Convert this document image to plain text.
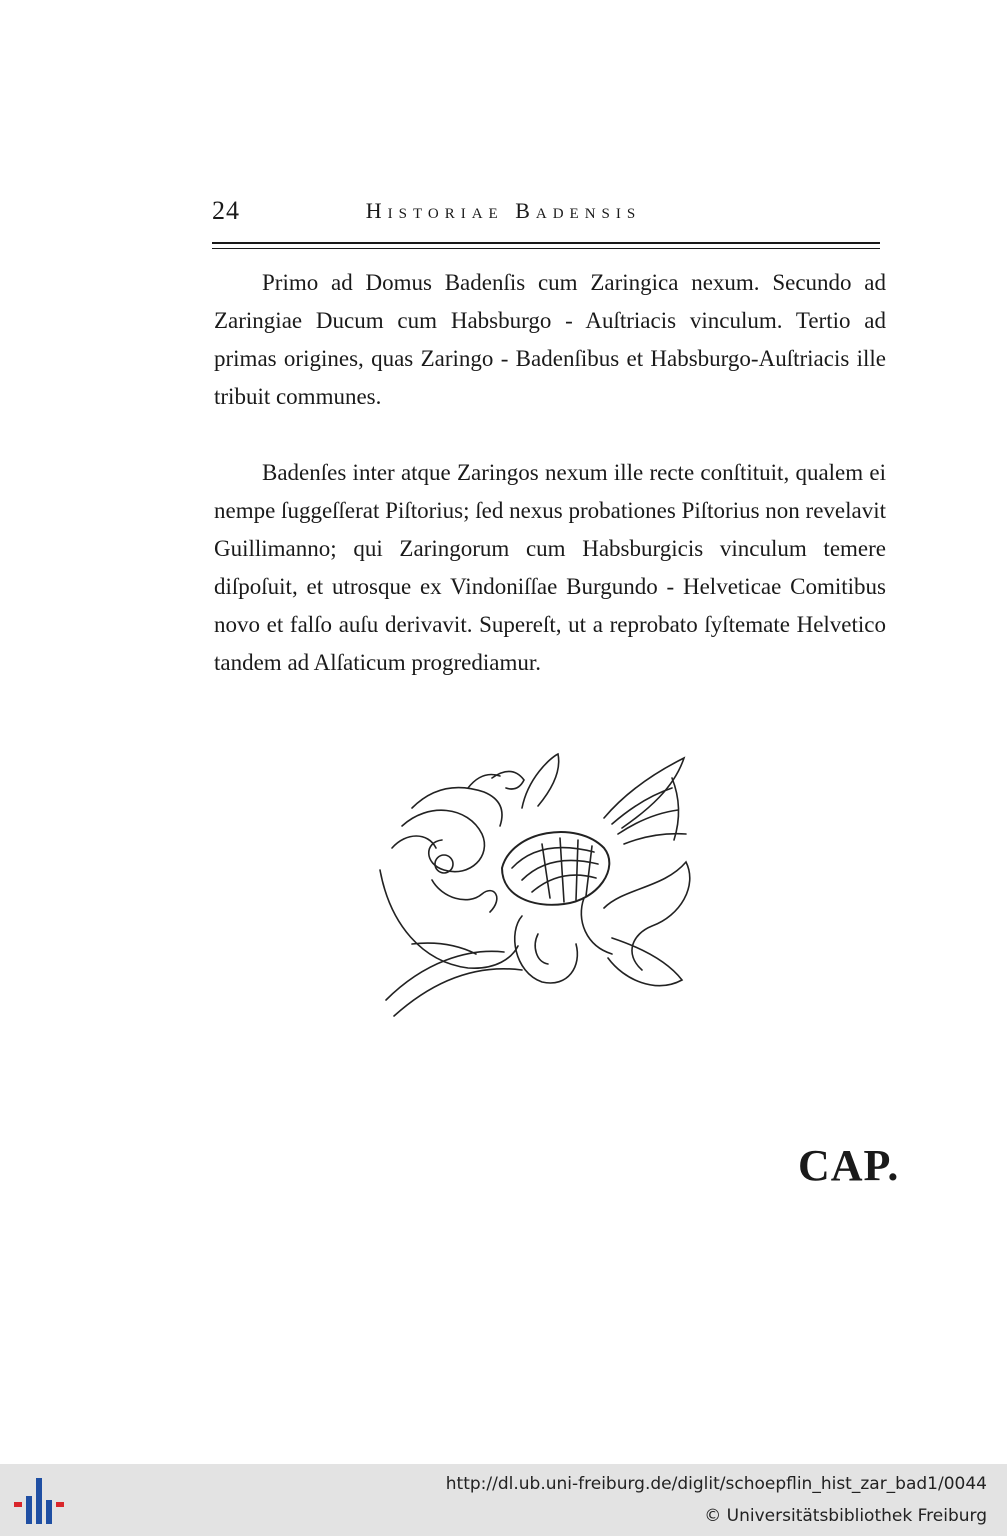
24	Historiae Badensis

Primo ad Domus Badenſis cum Zaringica nexum. Secundo ad Zaringiae Ducum cum Habsburgo - Auſtriacis vinculum. Tertio ad primas origines, quas Zaringo - Badenſibus et Habsburgo-Auſtriacis ille tribuit communes.

Badenſes inter atque Zaringos nexum ille recte conſtituit, qualem ei nempe ſuggeſſerat Piſtorius; ſed nexus probationes Piſtorius non revelavit Guillimanno; qui Zaringorum cum Habsburgicis vinculum temere diſpoſuit, et utrosque ex Vindoniſſae Burgundo - Helveticae Comitibus novo et falſo auſu derivavit. Supereſt, ut a reprobato ſyſtemate Helvetico tandem ad Alſaticum progrediamur.

CAP.
http://dl.ub.uni-freiburg.de/diglit/schoepflin_hist_zar_bad1/0044
© Universitätsbibliothek Freiburg
